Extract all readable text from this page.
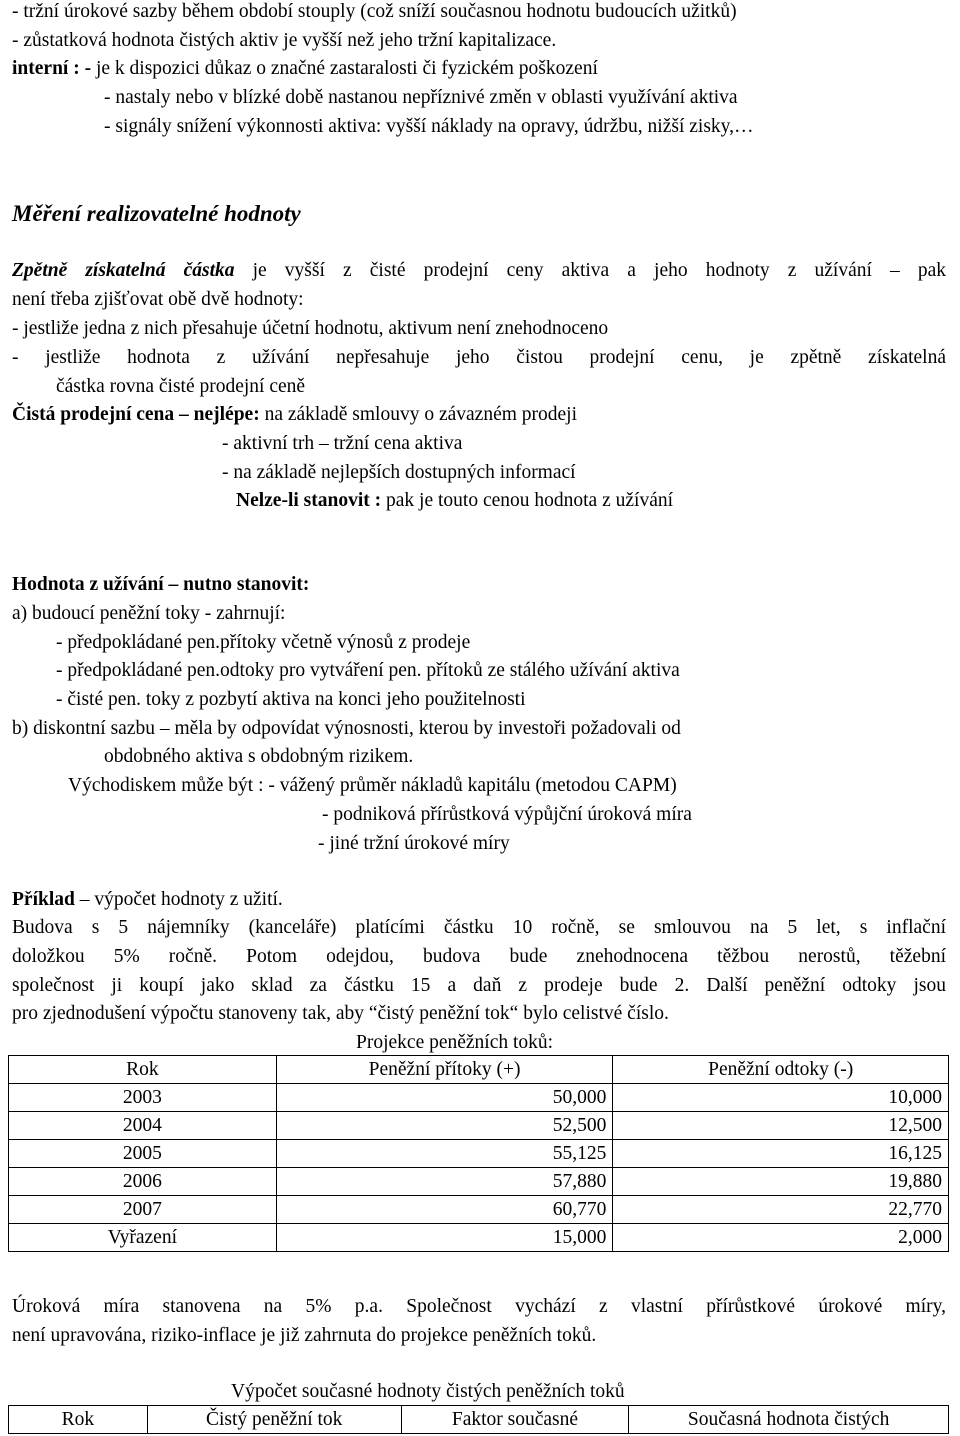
- tržní úrokové sazby během období stouply (což sníží současnou hodnotu budoucích užitků)
- zůstatková hodnota čistých aktiv je vyšší než jeho tržní kapitalizace.
interní : - je k dispozici důkaz o značné zastaralosti či fyzickém poškození
- nastaly nebo v blízké době nastanou nepříznivé změn v oblasti využívání aktiva
- signály snížení výkonnosti aktiva: vyšší náklady na opravy, údržbu, nižší zisky,…
Měření realizovatelné hodnoty
Zpětně získatelná částka je vyšší z čisté prodejní ceny aktiva a jeho hodnoty z užívání – pak
není třeba zjišťovat obě dvě hodnoty:
- jestliže jedna z nich přesahuje účetní hodnotu, aktivum není znehodnoceno
- jestliže hodnota z užívání nepřesahuje jeho čistou prodejní cenu, je zpětně získatelná
částka rovna čisté prodejní ceně
Čistá prodejní cena – nejlépe: na základě smlouvy o závazném prodeji
- aktivní trh – tržní cena aktiva
- na základě nejlepších dostupných informací
Nelze-li stanovit : pak je touto cenou hodnota z užívání
Hodnota z užívání – nutno stanovit:
a) budoucí peněžní toky - zahrnují:
- předpokládané pen.přítoky včetně výnosů z prodeje
- předpokládané pen.odtoky pro vytváření pen. přítoků ze stálého užívání aktiva
- čisté pen. toky z pozbytí aktiva na konci jeho použitelnosti
b) diskontní sazbu – měla by odpovídat výnosnosti, kterou by investoři požadovali od
obdobného aktiva s obdobným rizikem.
Východiskem může být : - vážený průměr nákladů kapitálu (metodou CAPM)
- podniková přírůstková výpůjční úroková míra
- jiné tržní úrokové míry
Příklad – výpočet hodnoty z užití.
Budova s 5 nájemníky (kanceláře) platícími částku 10 ročně, se smlouvou na 5 let, s inflační
doložkou 5% ročně. Potom odejdou, budova bude znehodnocena těžbou nerostů, těžební
společnost ji koupí jako sklad za částku 15 a daň z prodeje bude 2. Další peněžní odtoky jsou
pro zjednodušení výpočtu stanoveny tak, aby “čistý peněžní tok“ bylo celistvé číslo.
Projekce peněžních toků:
Rok	Peněžní přítoky (+)	Peněžní odtoky (-)
2003	50,000	10,000
2004	52,500	12,500
2005	55,125	16,125
2006	57,880	19,880
2007	60,770	22,770
Vyřazení	15,000	2,000
Úroková míra stanovena na 5% p.a. Společnost vychází z vlastní přírůstkové úrokové míry,
není upravována, riziko-inflace je již zahrnuta do projekce peněžních toků.
Výpočet současné hodnoty čistých peněžních toků
Rok	Čistý peněžní tok	Faktor současné	Současná hodnota čistých
